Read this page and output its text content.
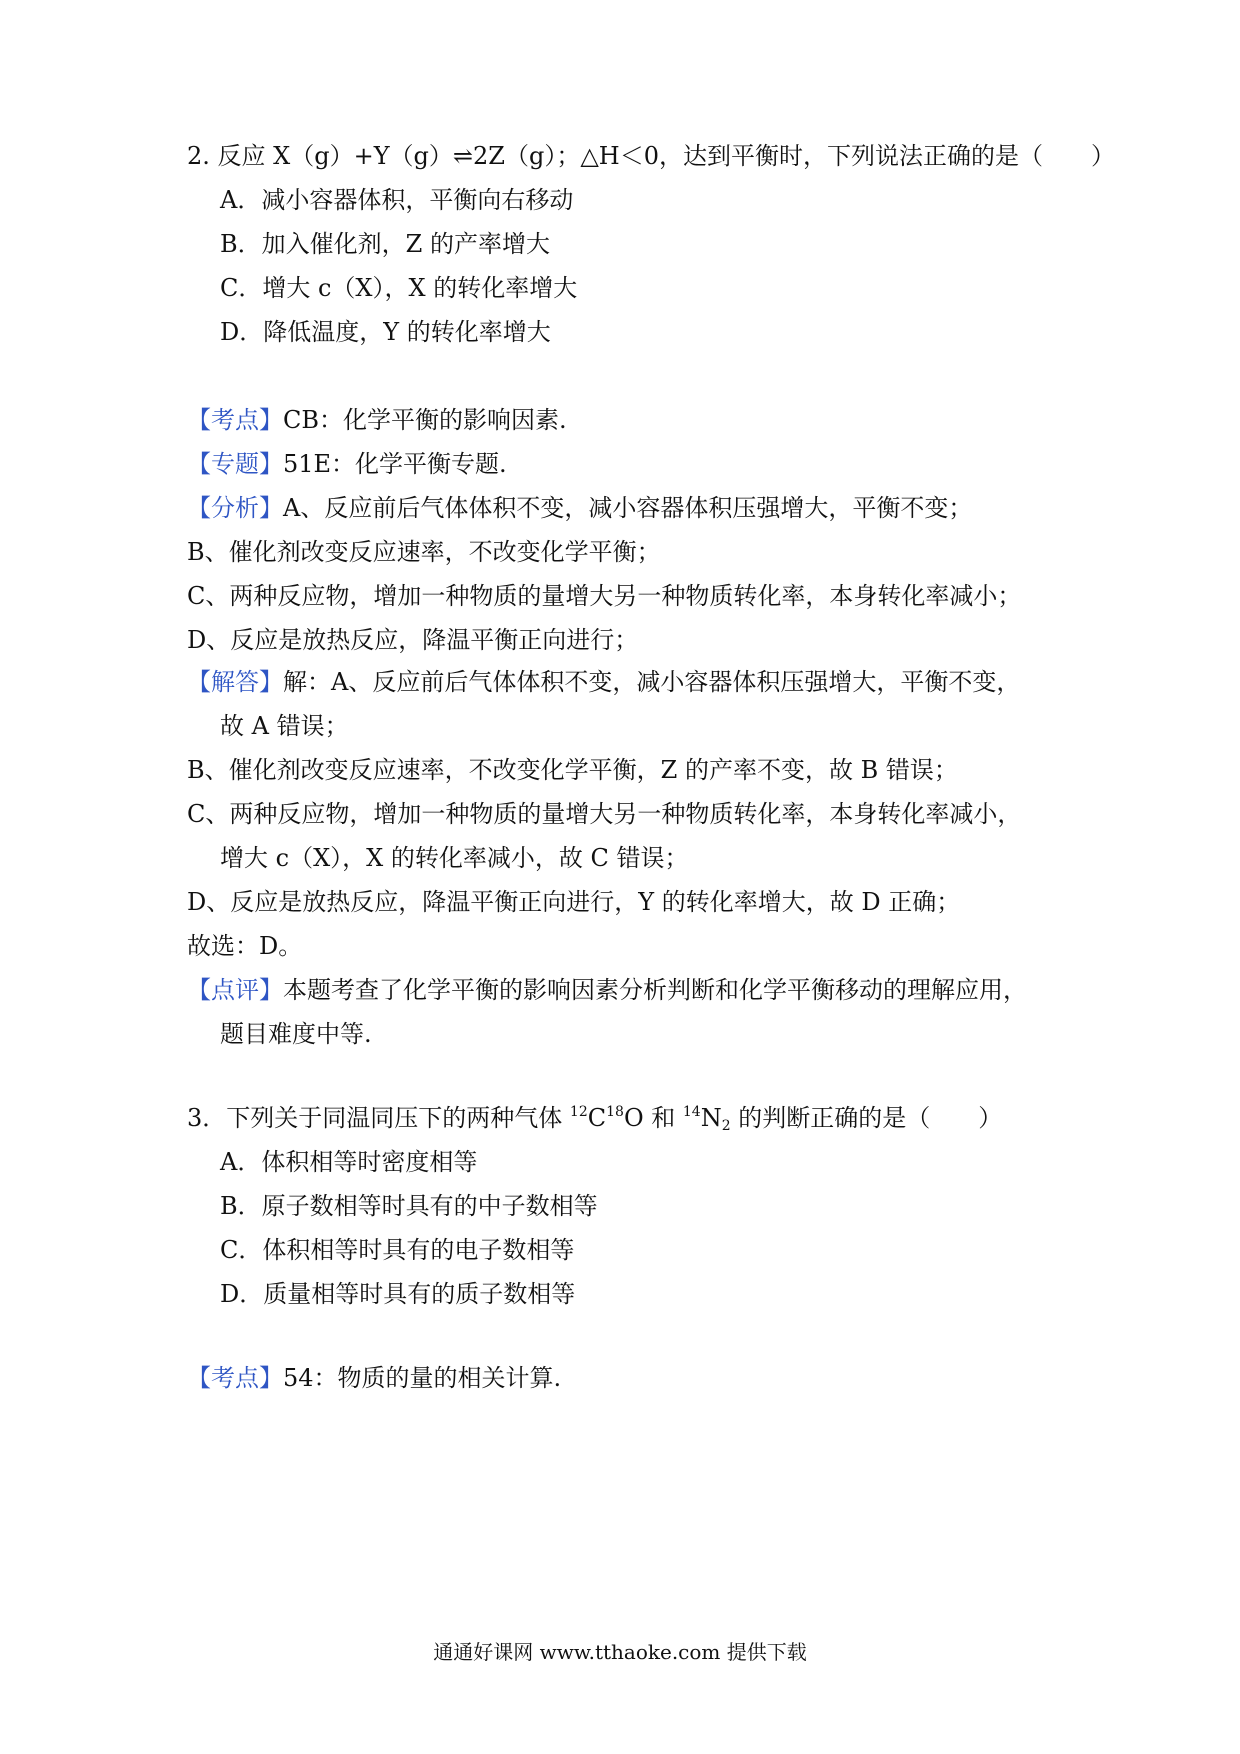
2. 反应 X（g）+Y（g）⇌2Z（g）；△H＜0，达到平衡时，下列说法正确的是（　　）
A．减小容器体积，平衡向右移动
B．加入催化剂，Z 的产率增大
C．增大 c（X），X 的转化率增大
D．降低温度，Y 的转化率增大
【考点】CB：化学平衡的影响因素.
【专题】51E：化学平衡专题.
【分析】A、反应前后气体体积不变，减小容器体积压强增大，平衡不变；
B、催化剂改变反应速率，不改变化学平衡；
C、两种反应物，增加一种物质的量增大另一种物质转化率，本身转化率减小；
D、反应是放热反应，降温平衡正向进行；
【解答】解：A、反应前后气体体积不变，减小容器体积压强增大，平衡不变，
故 A 错误；
B、催化剂改变反应速率，不改变化学平衡，Z 的产率不变，故 B 错误；
C、两种反应物，增加一种物质的量增大另一种物质转化率，本身转化率减小，
增大 c（X），X 的转化率减小，故 C 错误；
D、反应是放热反应，降温平衡正向进行，Y 的转化率增大，故 D 正确；
故选：D。
【点评】本题考查了化学平衡的影响因素分析判断和化学平衡移动的理解应用，
题目难度中等.
3．下列关于同温同压下的两种气体 $^{12}C^{18}O$ 和 $^{14}N_2$ 的判断正确的是（　　）
A．体积相等时密度相等
B．原子数相等时具有的中子数相等
C．体积相等时具有的电子数相等
D．质量相等时具有的质子数相等
【考点】54：物质的量的相关计算.
通通好课网 www.tthaoke.com 提供下载
